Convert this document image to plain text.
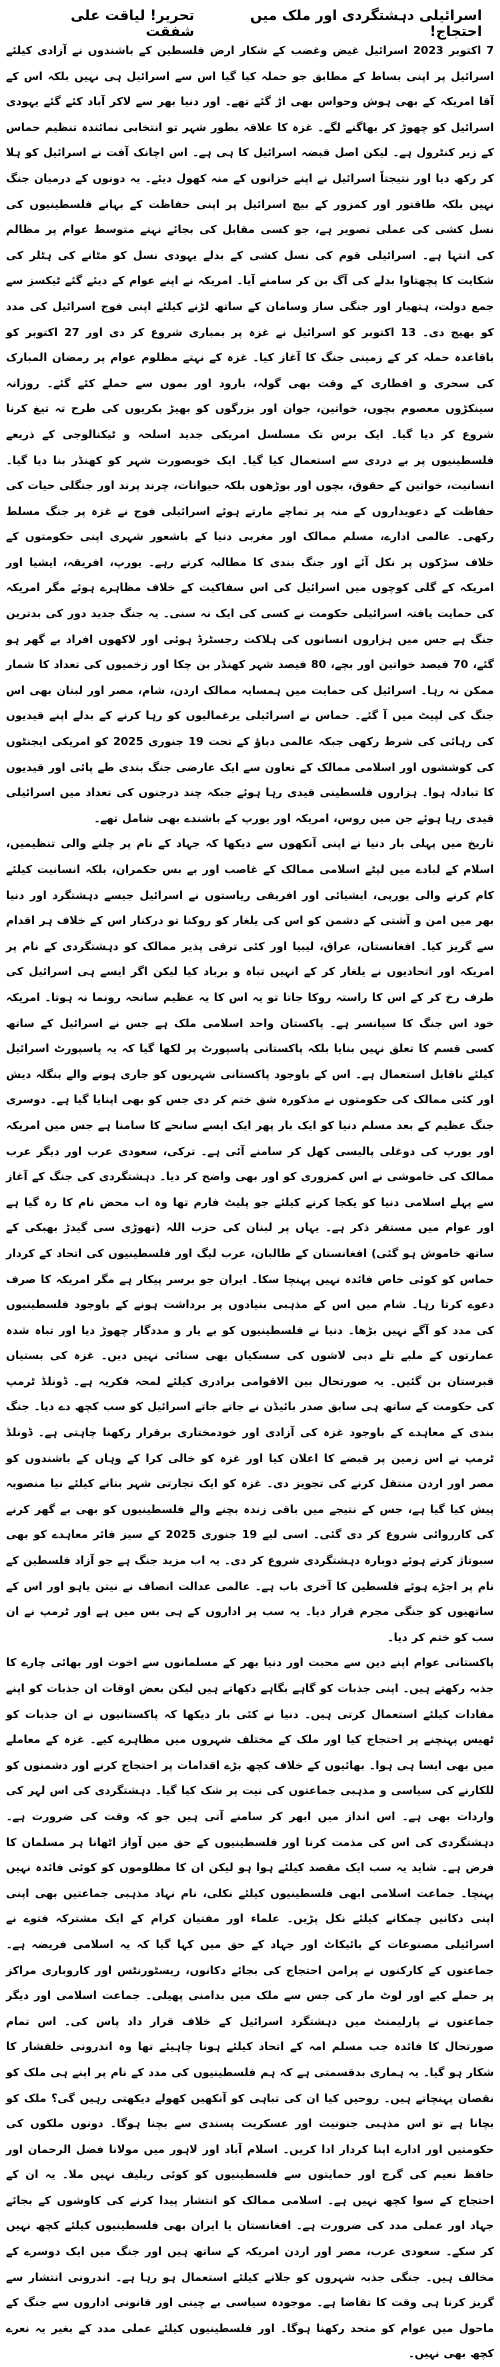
اسرائیلی دہشتگردی اور ملک میں احتجاج!
تحریر! لیاقت علی شفقت

7 اکتوبر 2023 اسرائیل غیض وغضب کے شکار ارض فلسطین کے باشندوں نے آزادی کیلئے اسرائیل پر اپنی بساط کے مطابق جو حملہ کیا گیا اس سے اسرائیل ہی نہیں بلکہ اس کے آقا امریکہ کے بھی ہوش وحواس بھی اڑ گئے تھے۔ اور دنیا بھر سے لاکر آباد کئے گئے یہودی اسرائیل کو چھوڑ کر بھاگنے لگے۔ غزہ کا علاقہ بطور شہر تو انتخابی نمائندہ تنظیم حماس کے زیر کنٹرول ہے۔ لیکن اصل قبضہ اسرائیل کا ہی ہے۔ اس اچانک آفت نے اسرائیل کو ہلا کر رکھ دیا اور نتیجتاً اسرائیل نے اپنے خزانوں کے منہ کھول دیئے۔ یہ دونوں کے درمیان جنگ نہیں بلکہ طاقتور اور کمزور کے بیچ اسرائیل پر اپنی حفاظت کے بہانے فلسطینیوں کی نسل کشی کی عملی تصویر ہے، جو کسی مقابل کی بجائے نہتے متوسط عوام پر مظالم کی انتہا ہے۔ اسرائیلی قوم کی نسل کشی کے بدلے یہودی نسل کو مٹانے کی ہٹلر کی شکایت کا پچھتاوا بدلے کی آگ بن کر سامنے آیا۔ امریکہ نے اپنے عوام کے دیئے گئے ٹیکسز سے جمع دولت، ہتھیار اور جنگی ساز وسامان کے ساتھ لڑنے کیلئے اپنی فوج اسرائیل کی مدد کو بھیج دی۔ 13 اکتوبر کو اسرائیل نے غزہ پر بمباری شروع کر دی اور 27 اکتوبر کو باقاعدہ حملہ کر کے زمینی جنگ کا آغاز کیا۔ غزہ کے نہتے مظلوم عوام پر رمضان المبارک کی سحری و افطاری کے وقت بھی گولہ، بارود اور بموں سے حملے کئے گئے۔ روزانہ سینکڑوں معصوم بچوں، خواتین، جوان اور بزرگوں کو بھیڑ بکریوں کی طرح تہ تیغ کرنا شروع کر دیا گیا۔ ایک برس تک مسلسل امریکی جدید اسلحہ و ٹیکنالوجی کے ذریعے فلسطینیوں پر بے دردی سے استعمال کیا گیا۔ ایک خوبصورت شہر کو کھنڈر بنا دیا گیا۔ انسانیت، خواتین کے حقوق، بچوں اور بوڑھوں بلکہ حیوانات، چرند پرند اور جنگلی حیات کی حفاظت کے دعویداروں کے منہ پر تماچے مارتے ہوئے اسرائیلی فوج نے غزہ پر جنگ مسلط رکھی۔ عالمی ادارے، مسلم ممالک اور مغربی دنیا کے باشعور شہری اپنی حکومتوں کے خلاف سڑکوں پر نکل آئے اور جنگ بندی کا مطالبہ کرتے رہے۔ یورپ، افریقہ، ایشیا اور امریکہ کے گلی کوچوں میں اسرائیل کی اس سفاکیت کے خلاف مظاہرے ہوئے مگر امریکہ کی حمایت یافتہ اسرائیلی حکومت نے کسی کی ایک نہ سنی۔ یہ جنگ جدید دور کی بدترین جنگ ہے جس میں ہزاروں انسانوں کی ہلاکت رجسٹرڈ ہوئی اور لاکھوں افراد بے گھر ہو گئے، 70 فیصد خواتین اور بچے، 80 فیصد شہر کھنڈر بن چکا اور زخمیوں کی تعداد کا شمار ممکن نہ رہا۔ اسرائیل کی حمایت میں ہمسایہ ممالک اردن، شام، مصر اور لبنان بھی اس جنگ کی لپیٹ میں آ گئے۔ حماس نے اسرائیلی یرغمالیوں کو رہا کرنے کے بدلے اپنے قیدیوں کی رہائی کی شرط رکھی جبکہ عالمی دباؤ کے تحت 19 جنوری 2025 کو امریکی ایجنٹوں کی کوششوں اور اسلامی ممالک کے تعاون سے ایک عارضی جنگ بندی طے پائی اور قیدیوں کا تبادلہ ہوا۔ ہزاروں فلسطینی قیدی رہا ہوئے جبکہ چند درجنوں کی تعداد میں اسرائیلی قیدی رہا ہوئے جن میں روس، امریکہ اور یورپ کے باشندے بھی شامل تھے۔

تاریخ میں پہلی بار دنیا نے اپنی آنکھوں سے دیکھا کہ جہاد کے نام پر چلنے والی تنظیمیں، اسلام کے لبادے میں لپٹے اسلامی ممالک کے غاصب اور بے بس حکمران، بلکہ انسانیت کیلئے کام کرنے والی یورپی، ایشیائی اور افریقی ریاستوں نے اسرائیل جیسے دہشتگرد اور دنیا بھر میں امن و آشتی کے دشمن کو اس کی یلغار کو روکنا تو درکنار اس کے خلاف ہر اقدام سے گریز کیا۔ افغانستان، عراق، لیبیا اور کئی ترقی پذیر ممالک کو دہشتگردی کے نام پر امریکہ اور اتحادیوں نے یلغار کر کے انہیں تباہ و برباد کیا لیکن اگر ایسے ہی اسرائیل کی طرف رخ کر کے اس کا راستہ روکا جاتا تو یہ اس کا یہ عظیم سانحہ رونما نہ ہوتا۔ امریکہ خود اس جنگ کا سپانسر ہے۔ پاکستان واحد اسلامی ملک ہے جس نے اسرائیل کے ساتھ کسی قسم کا تعلق نہیں بنایا بلکہ پاکستانی پاسپورٹ پر لکھا گیا کہ یہ پاسپورٹ اسرائیل کیلئے ناقابل استعمال ہے۔ اس کے باوجود پاکستانی شہریوں کو جاری ہونے والے بنگلہ دیش اور کئی ممالک کی حکومتوں نے مذکورہ شق ختم کر دی جس کو بھی اپنایا گیا ہے۔ دوسری جنگ عظیم کے بعد مسلم دنیا کو ایک بار پھر ایک ایسے سانحے کا سامنا ہے جس میں امریکہ اور یورپ کی دوغلی پالیسی کھل کر سامنے آئی ہے۔ ترکی، سعودی عرب اور دیگر عرب ممالک کی خاموشی نے اس کمزوری کو اور بھی واضح کر دیا۔ دہشتگردی کی جنگ کے آغاز سے پہلے اسلامی دنیا کو یکجا کرنے کیلئے جو پلیٹ فارم تھا وہ اب محض نام کا رہ گیا ہے اور عوام میں مستقر ذکر ہے۔ یہاں پر لبنان کی حزب اللہ (تھوڑی سی گیدڑ بھبکی کے ساتھ خاموش ہو گئی) افغانستان کے طالبان، عرب لیگ اور فلسطینیوں کی اتحاد کے کردار حماس کو کوئی خاص فائدہ نہیں پہنچا سکا۔ ایران جو برسر پیکار ہے مگر امریکہ کا صرف دعوے کرتا رہا۔ شام میں اس کے مذہبی بنیادوں پر برداشت ہونے کے باوجود فلسطینیوں کی مدد کو آگے نہیں بڑھا۔ دنیا نے فلسطینیوں کو بے یار و مددگار چھوڑ دیا اور تباہ شدہ عمارتوں کے ملبے تلے دبی لاشوں کی سسکیاں بھی سنائی نہیں دیں۔ غزہ کی بستیاں قبرستان بن گئیں۔ یہ صورتحال بین الاقوامی برادری کیلئے لمحہ فکریہ ہے۔ ڈونلڈ ٹرمپ کی حکومت کے ساتھ ہی سابق صدر بائیڈن نے جاتے جاتے اسرائیل کو سب کچھ دے دیا۔ جنگ بندی کے معاہدے کے باوجود غزہ کی آزادی اور خودمختاری برقرار رکھنا چاہتی ہے۔ ڈونلڈ ٹرمپ نے اس زمین پر قبضے کا اعلان کیا اور غزہ کو خالی کرا کے وہاں کے باشندوں کو مصر اور اردن منتقل کرنے کی تجویز دی۔ غزہ کو ایک تجارتی شہر بنانے کیلئے نیا منصوبہ پیش کیا گیا ہے، جس کے نتیجے میں باقی زندہ بچنے والے فلسطینیوں کو بھی بے گھر کرنے کی کارروائی شروع کر دی گئی۔ اسی لیے 19 جنوری 2025 کے سیز فائر معاہدے کو بھی سبوتاژ کرتے ہوئے دوبارہ دہشتگردی شروع کر دی۔ یہ اب مزید جنگ ہے جو آزاد فلسطین کے نام پر اجڑے ہوئے فلسطین کا آخری باب ہے۔ عالمی عدالت انصاف نے نیتن یاہو اور اس کے ساتھیوں کو جنگی مجرم قرار دیا۔ یہ سب پر اداروں کے ہی بس میں ہے اور ٹرمپ نے ان سب کو ختم کر دیا۔

پاکستانی عوام اپنے دین سے محبت اور دنیا بھر کے مسلمانوں سے اخوت اور بھائی چارے کا جذبہ رکھتے ہیں۔ اپنی جذبات کو گاہے بگاہے دکھاتے ہیں لیکن بعض اوقات ان جذبات کو اپنے مفادات کیلئے استعمال کرتی ہیں۔ دنیا نے کئی بار دیکھا کہ پاکستانیوں نے ان جذبات کو ٹھیس پہنچنے پر احتجاج کیا اور ملک کے مختلف شہروں میں مظاہرے کیے۔ غزہ کے معاملے میں بھی ایسا ہی ہوا۔ بھائیوں کے خلاف کچھ بڑے اقدامات پر احتجاج کرنے اور دشمنوں کو للکارنے کی سیاسی و مذہبی جماعتوں کی نیت پر شک کیا گیا۔ دہشتگردی کی اس لہر کی واردات بھی ہے۔ اس انداز میں ابھر کر سامنے آتی ہیں جو کہ وقت کی ضرورت ہے۔ دہشتگردی کی اس کی مذمت کرنا اور فلسطینیوں کے حق میں آواز اٹھانا ہر مسلمان کا فرض ہے۔ شاید یہ سب ایک مقصد کیلئے ہوا ہو لیکن ان کا مظلوموں کو کوئی فائدہ نہیں پہنچا۔ جماعت اسلامی ابھی فلسطینیوں کیلئے نکلی، نام نہاد مذہبی جماعتیں بھی اپنی اپنی دکانیں چمکانے کیلئے نکل پڑیں۔ علماء اور مفتیان کرام کے ایک مشترکہ فتوے نے اسرائیلی مصنوعات کے بائیکاٹ اور جہاد کے حق میں کہا گیا کہ یہ اسلامی فریضہ ہے۔ جماعتوں کے کارکنوں نے پرامن احتجاج کی بجائے دکانوں، ریسٹورنٹس اور کاروباری مراکز پر حملے کیے اور لوٹ مار کی جس سے ملک میں بدامنی پھیلی۔ جماعت اسلامی اور دیگر جماعتوں نے پارلیمنٹ میں دہشتگرد اسرائیل کے خلاف قرار داد پاس کی۔ اس تمام صورتحال کا فائدہ جب مسلم امہ کے اتحاد کیلئے ہونا چاہیئے تھا وہ اندرونی خلفشار کا شکار ہو گیا۔ یہ ہماری بدقسمتی ہے کہ ہم فلسطینیوں کی مدد کے نام پر اپنے ہی ملک کو نقصان پہنچاتے ہیں۔ روحیں کیا ان کی تباہی کو آنکھیں کھولے دیکھتی رہیں گی؟ ملک کو بچانا ہے تو اس مذہبی جنونیت اور عسکریت پسندی سے بچنا ہوگا۔ دونوں ملکوں کی حکومتیں اور ادارے اپنا کردار ادا کریں۔ اسلام آباد اور لاہور میں مولانا فضل الرحمان اور حافظ نعیم کی گرج اور حمایتوں سے فلسطینیوں کو کوئی ریلیف نہیں ملا۔ یہ ان کے احتجاج کے سوا کچھ نہیں ہے۔ اسلامی ممالک کو انتشار پیدا کرنے کی کاوشوں کے بجائے جہاد اور عملی مدد کی ضرورت ہے۔ افغانستان یا ایران بھی فلسطینیوں کیلئے کچھ نہیں کر سکے۔ سعودی عرب، مصر اور اردن امریکہ کے ساتھ ہیں اور جنگ میں ایک دوسرے کے مخالف ہیں۔ جنگی جذبہ شہروں کو جلانے کیلئے استعمال ہو رہا ہے۔ اندرونی انتشار سے گریز کرنا ہی وقت کا تقاضا ہے۔ موجودہ سیاسی بے چینی اور قانونی اداروں سے جنگ کے ماحول میں عوام کو متحد رکھنا ہوگا۔ اور فلسطینیوں کیلئے عملی مدد کے بغیر یہ نعرے کچھ بھی نہیں۔
